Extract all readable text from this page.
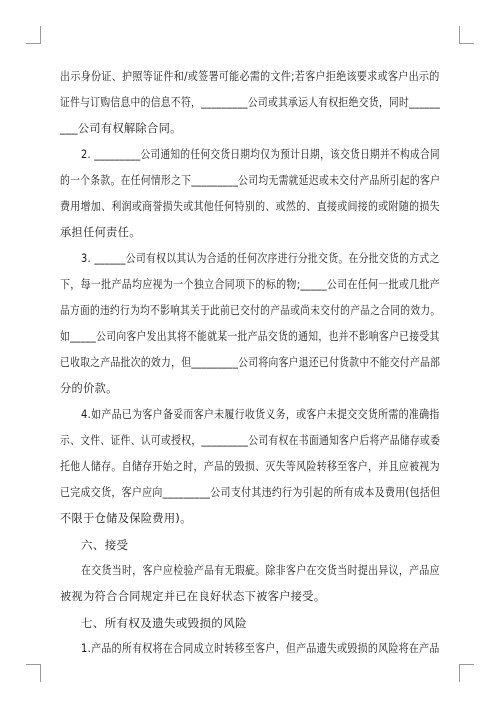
出示身份证、护照等证件和/或签署可能必需的文件;若客户拒绝该要求或客户出示的
证件与订购信息中的信息不符，_________公司或其承运人有权拒绝交货，同时______
___公司有权解除合同。
2. _________公司通知的任何交货日期均仅为预计日期，该交货日期并不构成合同
的一个条款。在任何情形之下_________公司均无需就延迟或未交付产品所引起的客户
费用增加、利润或商誉损失或其他任何特别的、或然的、直接或间接的或附随的损失
承担任何责任。
3. ______公司有权以其认为合适的任何次序进行分批交货。在分批交货的方式之
下，每一批产品均应视为一个独立合同项下的标的物;_____公司在任何一批或几批产
品方面的违约行为均不影响其关于此前已交付的产品或尚未交付的产品之合同的效力。
如_____公司向客户发出其将不能就某一批产品交货的通知，也并不影响客户已接受其
已收取之产品批次的效力，但_________公司将向客户退还已付货款中不能交付产品部
分的价款。
4.如产品已为客户备妥而客户未履行收货义务，或客户未提交交货所需的准确指
示、文件、证件、认可或授权，_________公司有权在书面通知客户后将产品储存或委
托他人储存。自储存开始之时，产品的毁损、灭失等风险转移至客户，并且应被视为
已完成交货，客户应向_________公司支付其违约行为引起的所有成本及费用(包括但
不限于仓储及保险费用)。
六、接受
在交货当时，客户应检验产品有无瑕疵。除非客户在交货当时提出异议，产品应
被视为符合合同规定并已在良好状态下被客户接受。
七、所有权及遗失或毁损的风险
1.产品的所有权将在合同成立时转移至客户，但产品遗失或毁损的风险将在产品
